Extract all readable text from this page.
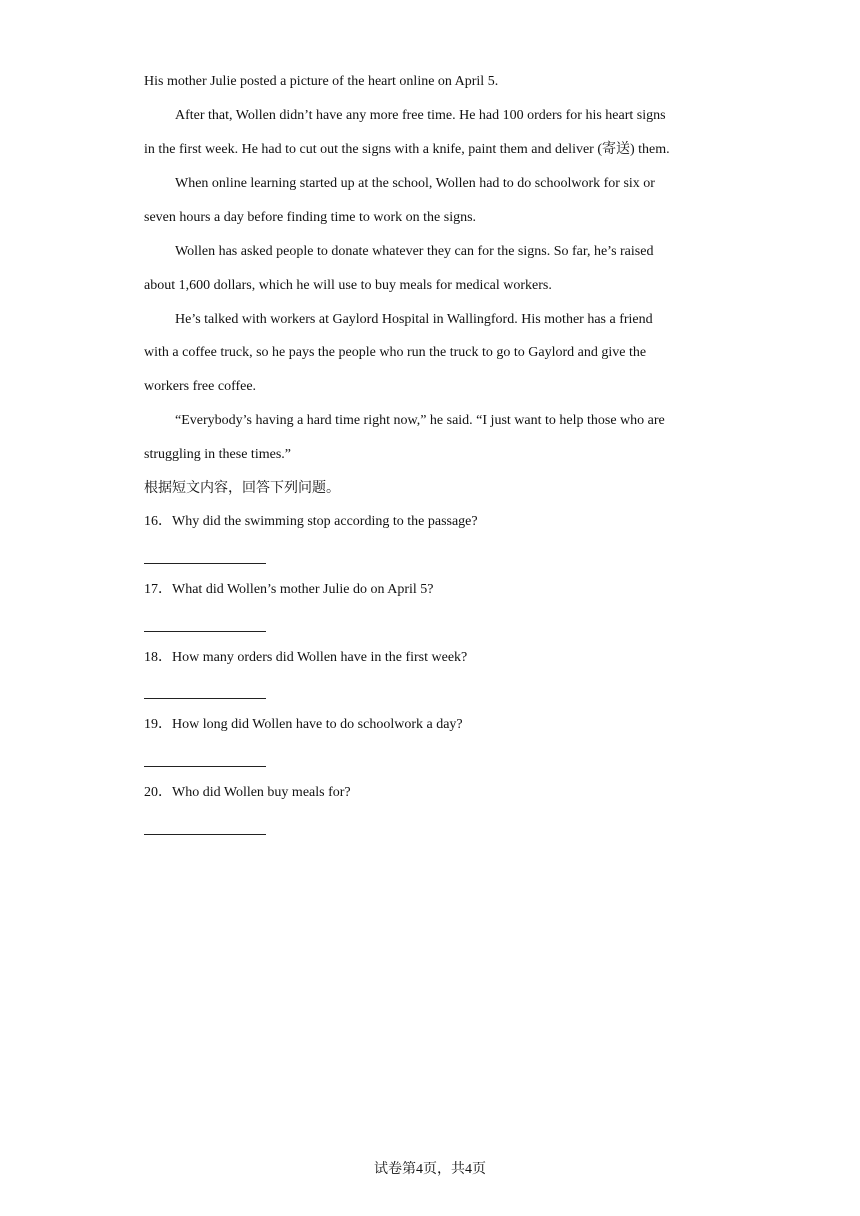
His mother Julie posted a picture of the heart online on April 5.
After that, Wollen didn’t have any more free time. He had 100 orders for his heart signs
in the first week. He had to cut out the signs with a knife, paint them and deliver (寄送) them.
When online learning started up at the school, Wollen had to do schoolwork for six or
seven hours a day before finding time to work on the signs.
Wollen has asked people to donate whatever they can for the signs. So far, he’s raised
about 1,600 dollars, which he will use to buy meals for medical workers.
He’s talked with workers at Gaylord Hospital in Wallingford. His mother has a friend
with a coffee truck, so he pays the people who run the truck to go to Gaylord and give the
workers free coffee.
“Everybody’s having a hard time right now,” he said. “I just want to help those who are
struggling in these times.”
根据短文内容，回答下列问题。
16．Why did the swimming stop according to the passage?
17．What did Wollen’s mother Julie do on April 5?
18．How many orders did Wollen have in the first week?
19．How long did Wollen have to do schoolwork a day?
20．Who did Wollen buy meals for?
试卷第4页，共4页
